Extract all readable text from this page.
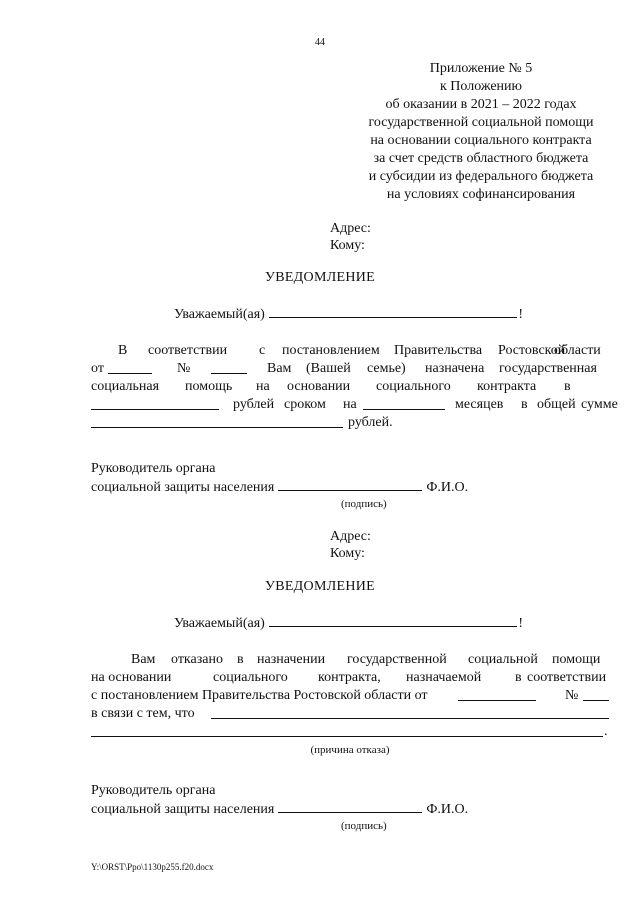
44
Приложение № 5
к Положению
об оказании в 2021 – 2022 годах
государственной социальной помощи
на основании социального контракта
за счет средств областного бюджета
и субсидии из федерального бюджета
на условиях софинансирования
Адрес:
Кому:
УВЕДОМЛЕНИЕ
Уважаемый(ая)	!
В соответствии с постановлением Правительства Ростовской
области
от	№	Вам (Вашей семье) назначена государственная
социальная помощь на основании социального контракта в
рублей сроком на	месяцев в общей сумме
рублей.
Руководитель органа
социальной защиты населения	Ф.И.О.
(подпись)
Адрес:
Кому:
УВЕДОМЛЕНИЕ
Уважаемый(ая)	!
Вам отказано в назначении государственной социальной помощи
на основании	социального контракта, назначаемой в соответствии
с постановлением Правительства Ростовской области от	№
в связи с тем, что
.
(причина отказа)
Руководитель органа
социальной защиты населения	Ф.И.О.
(подпись)
Y:\ORST\Ppo\1130p255.f20.docx
